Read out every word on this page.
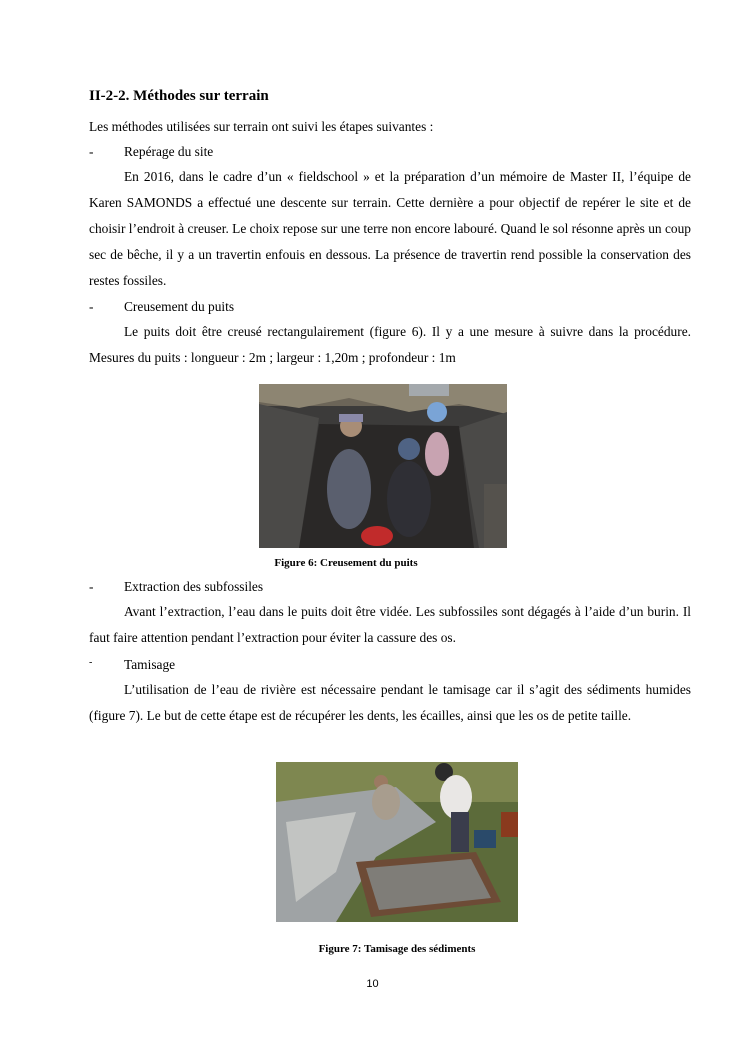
II-2-2. Méthodes sur terrain
Les méthodes utilisées sur terrain ont suivi les étapes suivantes :
- Repérage du site
En 2016, dans le cadre d’un « fieldschool » et la préparation d’un mémoire de Master II, l’équipe de Karen SAMONDS a effectué une descente sur terrain. Cette dernière a pour objectif de repérer le site et de choisir l’endroit à creuser. Le choix repose sur une terre non encore labouré. Quand le sol résonne après un coup sec de bêche, il y a un travertin enfouis en dessous. La présence de travertin rend possible la conservation des restes fossiles.
- Creusement du puits
Le puits doit être creusé rectangulairement (figure 6). Il y a une mesure à suivre dans la procédure. Mesures du puits : longueur : 2m ; largeur : 1,20m ; profondeur : 1m
Figure 6: Creusement du puits
- Extraction des subfossiles
Avant l’extraction, l’eau dans le puits doit être vidée. Les subfossiles sont dégagés à l’aide d’un burin. Il faut faire attention pendant l’extraction pour éviter la cassure des os.
- Tamisage
L’utilisation de l’eau de rivière est nécessaire pendant le tamisage car il s’agit des sédiments humides (figure 7). Le but de cette étape est de récupérer les dents, les écailles, ainsi que les os de petite taille.
Figure 7: Tamisage des sédiments
10
